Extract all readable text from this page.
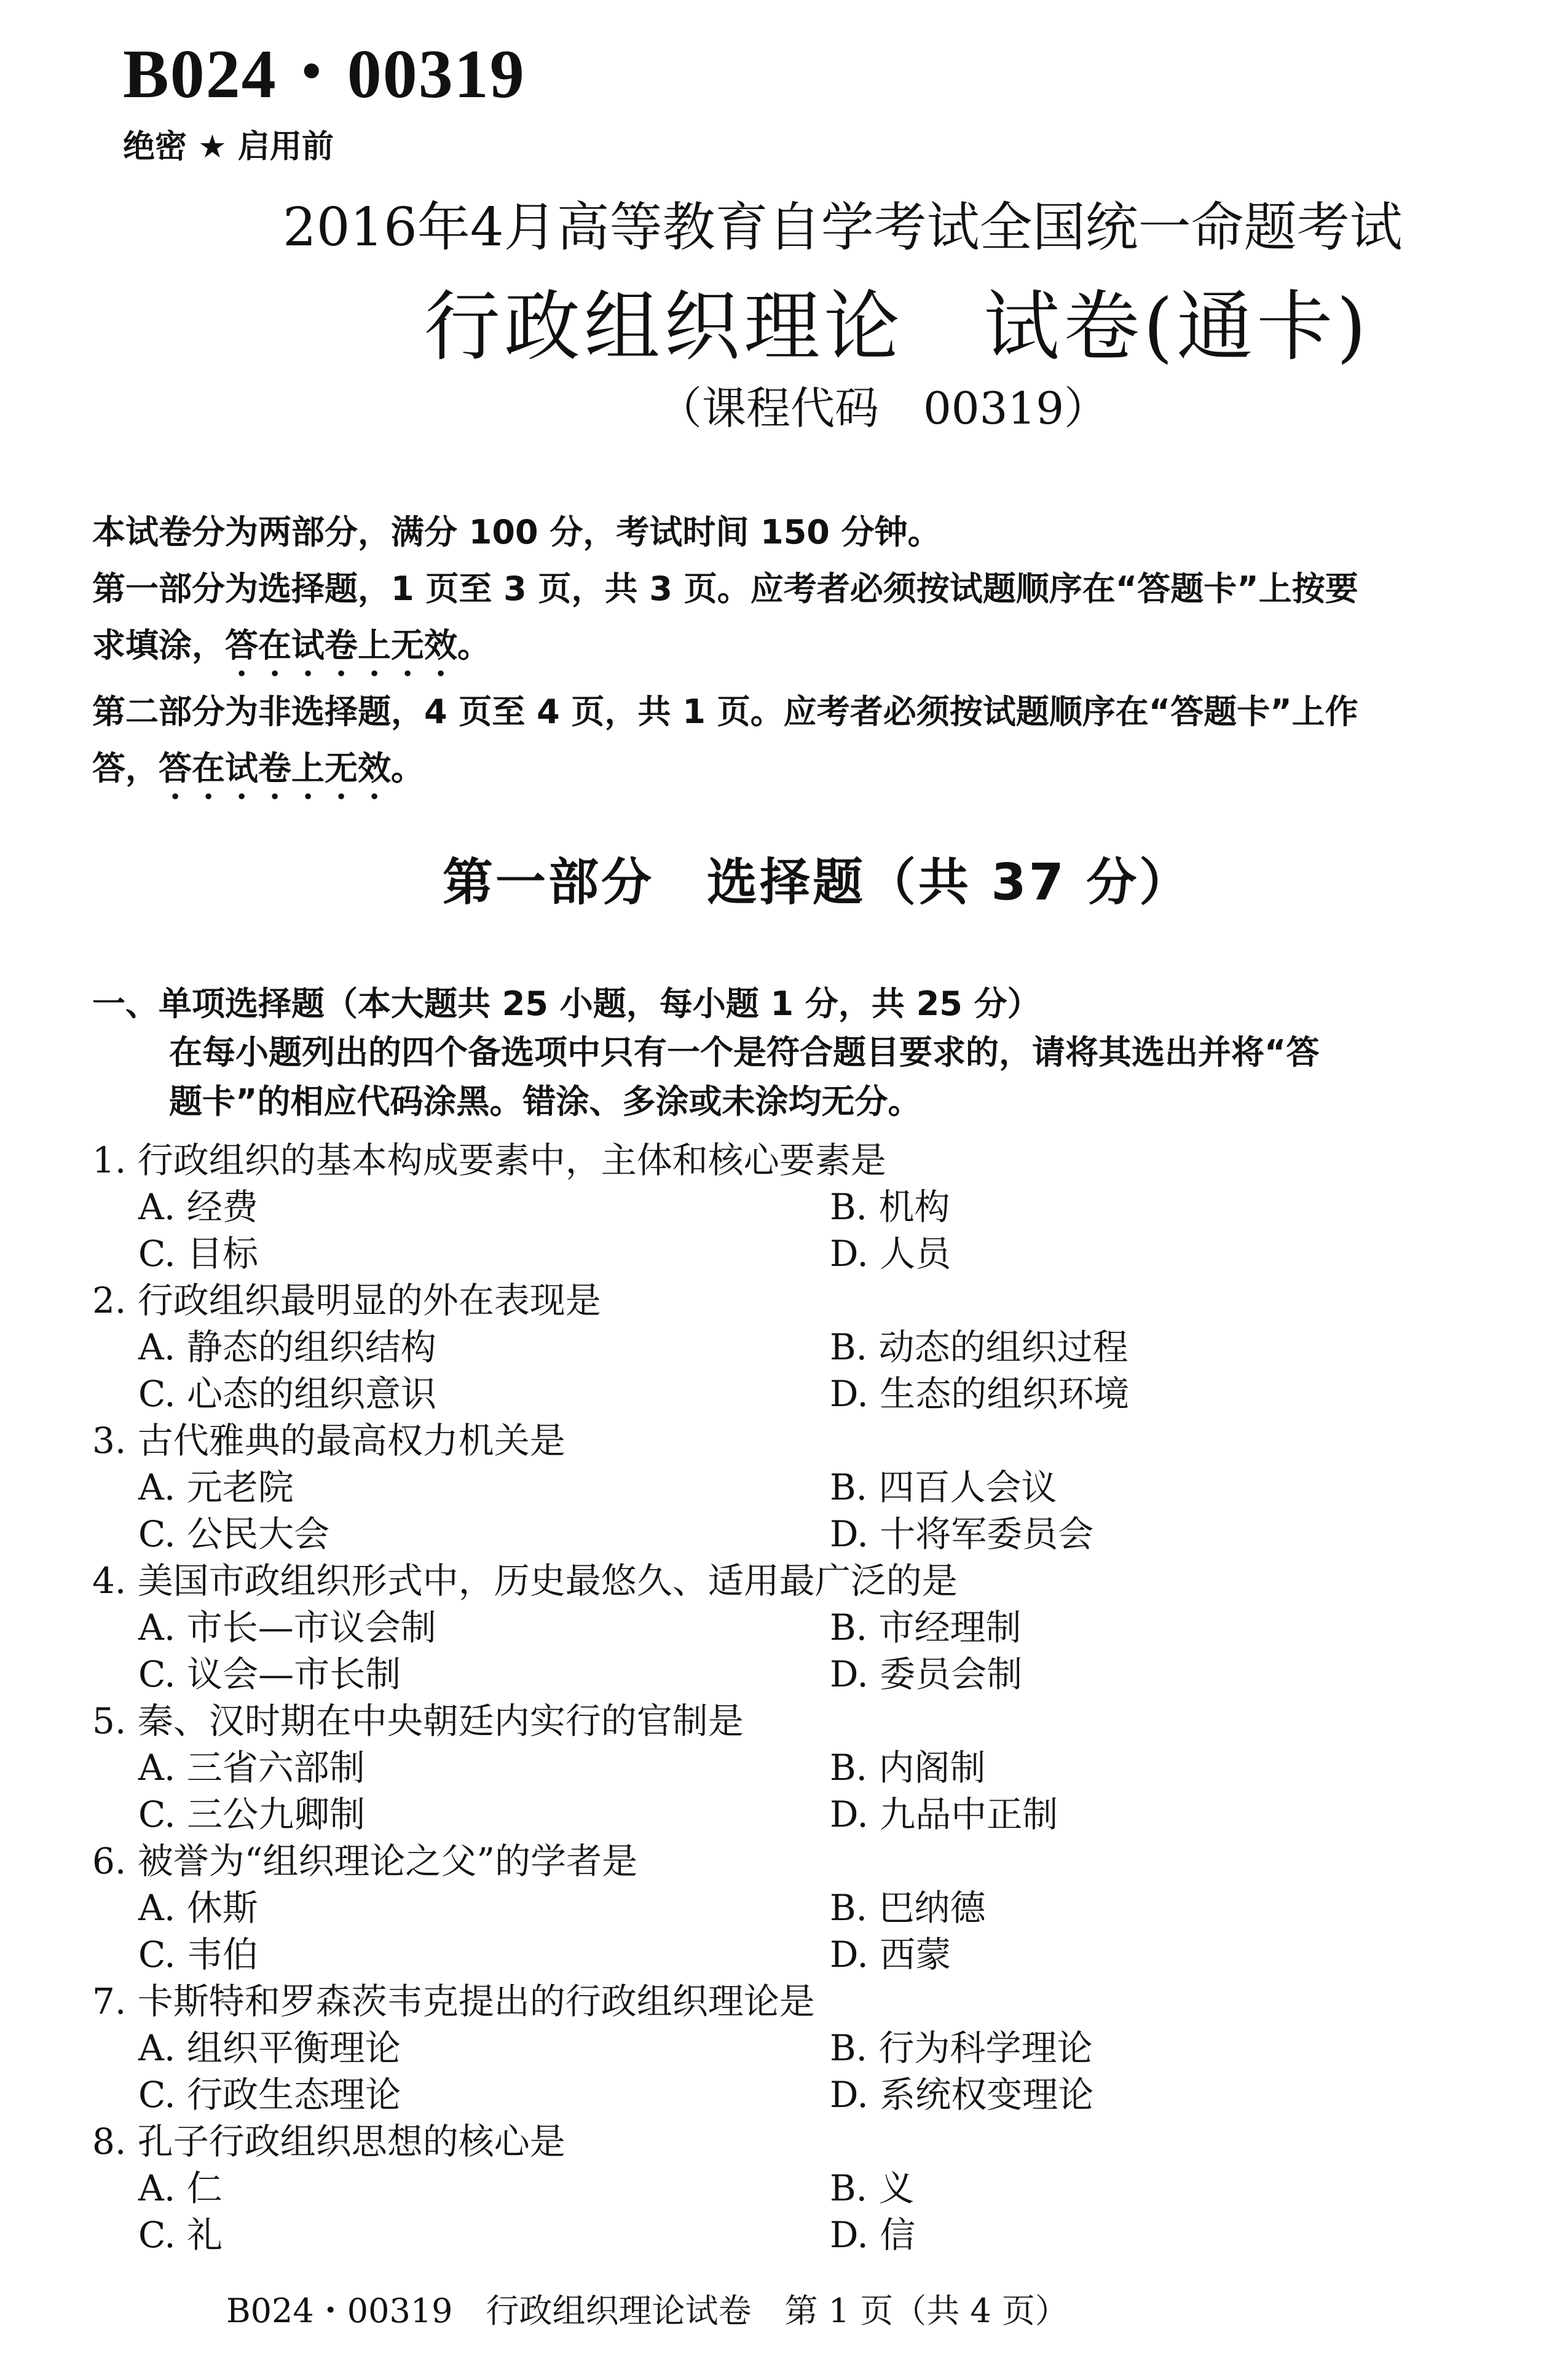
B024・00319
绝密 ★ 启用前
2016年4月高等教育自学考试全国统一命题考试
行政组织理论　试卷(通卡)
（课程代码　00319）
本试卷分为两部分，满分 100 分，考试时间 150 分钟。
第一部分为选择题，1 页至 3 页，共 3 页。应考者必须按试题顺序在“答题卡”上按要
求填涂，答在试卷上无效。
第二部分为非选择题，4 页至 4 页，共 1 页。应考者必须按试题顺序在“答题卡”上作
答，答在试卷上无效。
第一部分　选择题（共 37 分）
一、单项选择题（本大题共 25 小题，每小题 1 分，共 25 分）
在每小题列出的四个备选项中只有一个是符合题目要求的，请将其选出并将“答
题卡”的相应代码涂黑。错涂、多涂或未涂均无分。
1. 行政组织的基本构成要素中，主体和核心要素是
A. 经费	B. 机构
C. 目标	D. 人员
2. 行政组织最明显的外在表现是
A. 静态的组织结构	B. 动态的组织过程
C. 心态的组织意识	D. 生态的组织环境
3. 古代雅典的最高权力机关是
A. 元老院	B. 四百人会议
C. 公民大会	D. 十将军委员会
4. 美国市政组织形式中，历史最悠久、适用最广泛的是
A. 市长—市议会制	B. 市经理制
C. 议会—市长制	D. 委员会制
5. 秦、汉时期在中央朝廷内实行的官制是
A. 三省六部制	B. 内阁制
C. 三公九卿制	D. 九品中正制
6. 被誉为“组织理论之父”的学者是
A. 休斯	B. 巴纳德
C. 韦伯	D. 西蒙
7. 卡斯特和罗森茨韦克提出的行政组织理论是
A. 组织平衡理论	B. 行为科学理论
C. 行政生态理论	D. 系统权变理论
8. 孔子行政组织思想的核心是
A. 仁	B. 义
C. 礼	D. 信
B024・00319　行政组织理论试卷　第 1 页（共 4 页）
